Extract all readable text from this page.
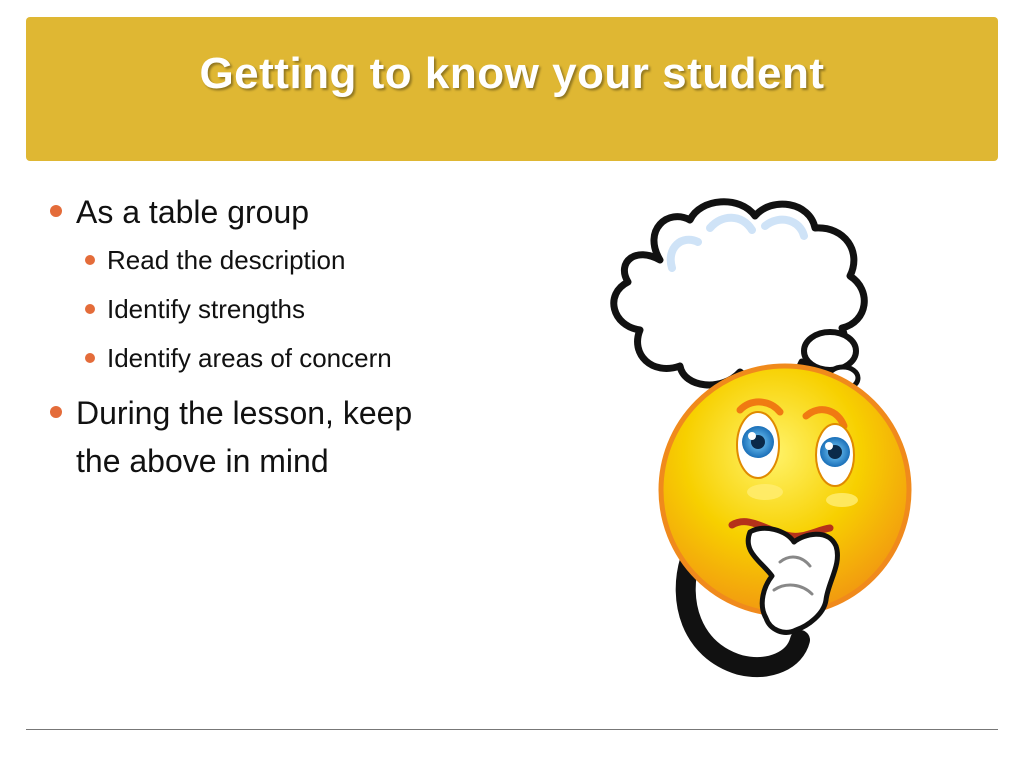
Getting to know your student
As a table group
Read the description
Identify strengths
Identify areas of concern
During the lesson, keep the above in mind
